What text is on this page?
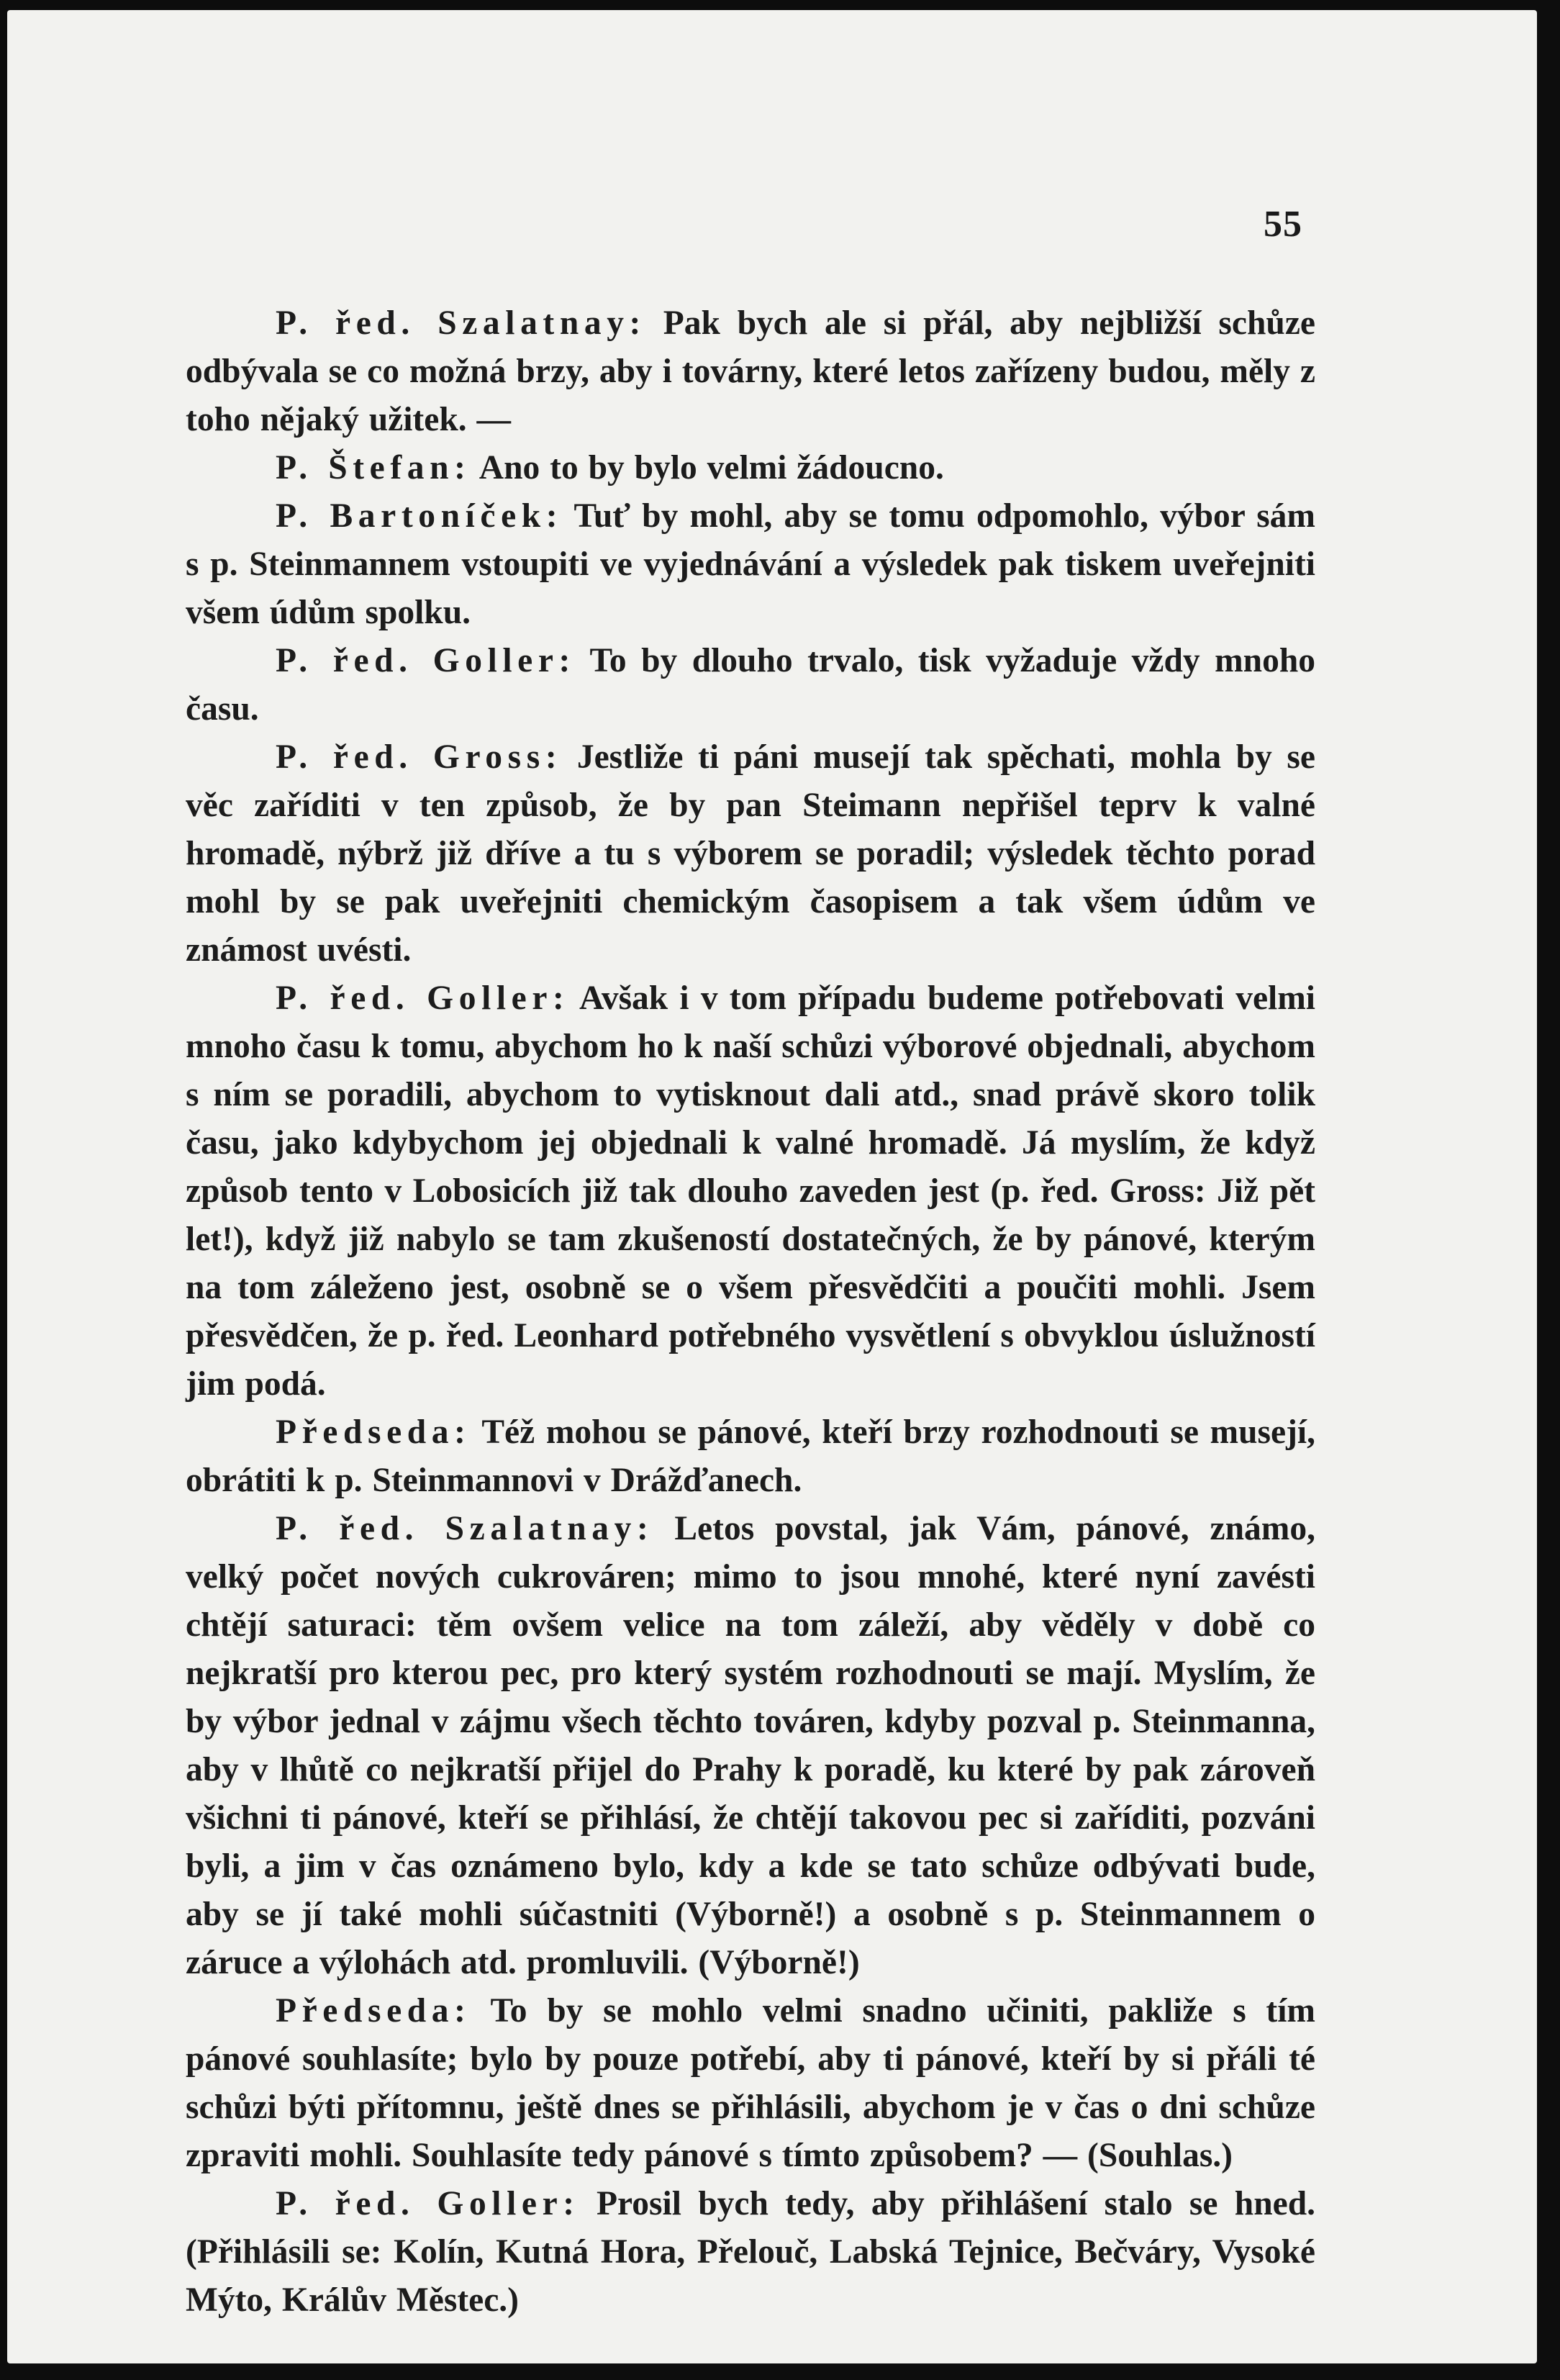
55

P. řed. Szalatnay: Pak bych ale si přál, aby nejbližší schůze odbývala se co možná brzy, aby i továrny, které letos zařízeny budou, měly z toho nějaký užitek. —

P. Štefan: Ano to by bylo velmi žádoucno.

P. Bartoníček: Tuť by mohl, aby se tomu odpomohlo, výbor sám s p. Steinmannem vstoupiti ve vyjednávání a výsledek pak tiskem uveřejniti všem údům spolku.

P. řed. Goller: To by dlouho trvalo, tisk vyžaduje vždy mnoho času.

P. řed. Gross: Jestliže ti páni musejí tak spěchati, mohla by se věc zaříditi v ten způsob, že by pan Steimann nepřišel teprv k valné hromadě, nýbrž již dříve a tu s výborem se poradil; výsledek těchto porad mohl by se pak uveřejniti chemickým časopisem a tak všem údům ve známost uvésti.

P. řed. Goller: Avšak i v tom případu budeme potřebovati velmi mnoho času k tomu, abychom ho k naší schůzi výborové objednali, abychom s ním se poradili, abychom to vytisknout dali atd., snad právě skoro tolik času, jako kdybychom jej objednali k valné hromadě. Já myslím, že když způsob tento v Lobosicích již tak dlouho zaveden jest (p. řed. Gross: Již pět let!), když již nabylo se tam zkušeností dostatečných, že by pánové, kterým na tom záleženo jest, osobně se o všem přesvědčiti a poučiti mohli. Jsem přesvědčen, že p. řed. Leonhard potřebného vysvětlení s obvyklou úslužností jim podá.

Předseda: Též mohou se pánové, kteří brzy rozhodnouti se musejí, obrátiti k p. Steinmannovi v Drážďanech.

P. řed. Szalatnay: Letos povstal, jak Vám, pánové, známo, velký počet nových cukrováren; mimo to jsou mnohé, které nyní zavésti chtějí saturaci: těm ovšem velice na tom záleží, aby věděly v době co nejkratší pro kterou pec, pro který systém rozhodnouti se mají. Myslím, že by výbor jednal v zájmu všech těchto továren, kdyby pozval p. Steinmanna, aby v lhůtě co nejkratší přijel do Prahy k poradě, ku které by pak zároveň všichni ti pánové, kteří se přihlásí, že chtějí takovou pec si zaříditi, pozváni byli, a jim v čas oznámeno bylo, kdy a kde se tato schůze odbývati bude, aby se jí také mohli súčastniti (Výborně!) a osobně s p. Steinmannem o záruce a výlohách atd. promluvili. (Výborně!)

Předseda: To by se mohlo velmi snadno učiniti, pakliže s tím pánové souhlasíte; bylo by pouze potřebí, aby ti pánové, kteří by si přáli té schůzi býti přítomnu, ještě dnes se přihlásili, abychom je v čas o dni schůze zpraviti mohli. Souhlasíte tedy pánové s tímto způsobem? — (Souhlas.)

P. řed. Goller: Prosil bych tedy, aby přihlášení stalo se hned. (Přihlásili se: Kolín, Kutná Hora, Přelouč, Labská Tejnice, Bečváry, Vysoké Mýto, Králův Městec.)
